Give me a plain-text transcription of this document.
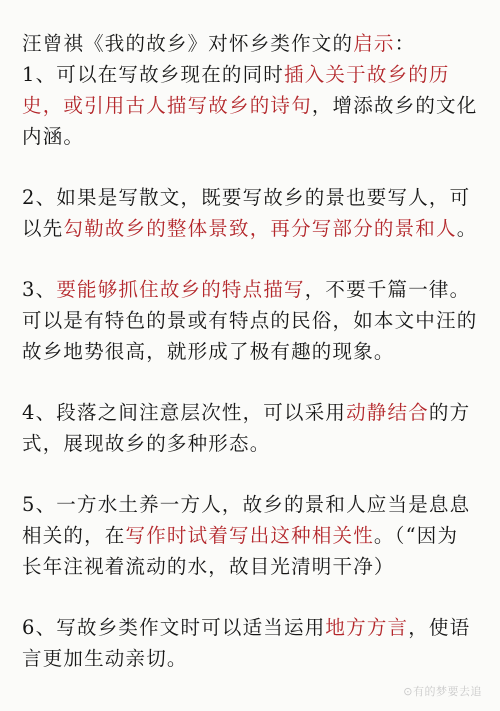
汪曾祺《我的故乡》对怀乡类作文的启示：

1、可以在写故乡现在的同时插入关于故乡的历史，或引用古人描写故乡的诗句，增添故乡的文化内涵。

2、如果是写散文，既要写故乡的景也要写人，可以先勾勒故乡的整体景致，再分写部分的景和人。

3、要能够抓住故乡的特点描写，不要千篇一律。可以是有特色的景或有特点的民俗，如本文中汪的故乡地势很高，就形成了极有趣的现象。

4、段落之间注意层次性，可以采用动静结合的方式，展现故乡的多种形态。

5、一方水土养一方人，故乡的景和人应当是息息相关的，在写作时试着写出这种相关性。（“因为长年注视着流动的水，故目光清明干净）

6、写故乡类作文时可以适当运用地方方言，使语言更加生动亲切。

⊙有的梦要去追
